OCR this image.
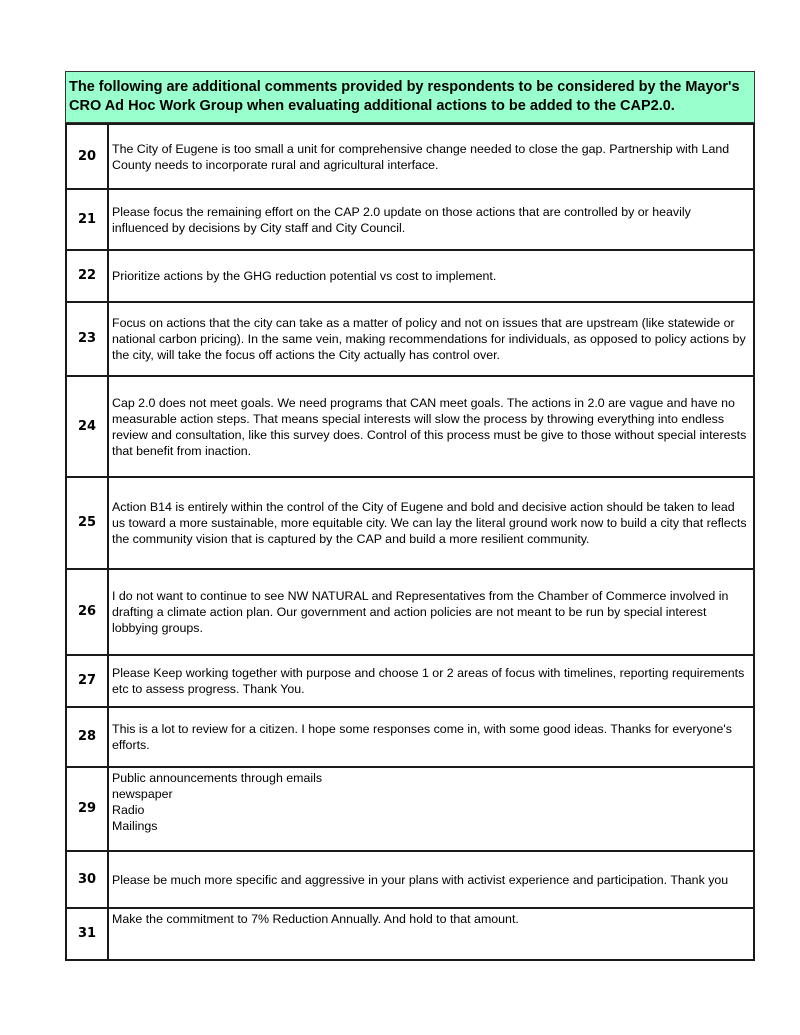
The following are additional comments provided by respondents to be considered by the Mayor's CRO Ad Hoc Work Group when evaluating additional actions to be added to the CAP2.0.
20	The City of Eugene is too small a unit for comprehensive change needed to close the gap. Partnership with Land County needs to incorporate rural and agricultural interface.
21	Please focus the remaining effort on the CAP 2.0 update on those actions that are controlled by or heavily influenced by decisions by City staff and City Council.
22	Prioritize actions by the GHG reduction potential vs cost to implement.
23	Focus on actions that the city can take as a matter of policy and not on issues that are upstream (like statewide or national carbon pricing). In the same vein, making recommendations for individuals, as opposed to policy actions by the city, will take the focus off actions the City actually has control over.
24	Cap 2.0 does not meet goals. We need programs that CAN meet goals. The actions in 2.0 are vague and have no measurable action steps. That means special interests will slow the process by throwing everything into endless review and consultation, like this survey does. Control of this process must be give to those without special interests that benefit from inaction.
25	Action B14 is entirely within the control of the City of Eugene and bold and decisive action should be taken to lead us toward a more sustainable, more equitable city. We can lay the literal ground work now to build a city that reflects the community vision that is captured by the CAP and build a more resilient community.
26	I do not want to continue to see NW NATURAL and Representatives from the Chamber of Commerce involved in drafting a climate action plan. Our government and action policies are not meant to be run by special interest lobbying groups.
27	Please Keep working together with purpose and choose 1 or 2 areas of focus with timelines, reporting requirements etc to assess progress. Thank You.
28	This is a lot to review for a citizen. I hope some responses come in, with some good ideas. Thanks for everyone's efforts.
29	Public announcements through emails
newspaper
Radio
Mailings
30	Please be much more specific and aggressive in your plans with activist experience and participation. Thank you
31	Make the commitment to 7% Reduction Annually. And hold to that amount.
